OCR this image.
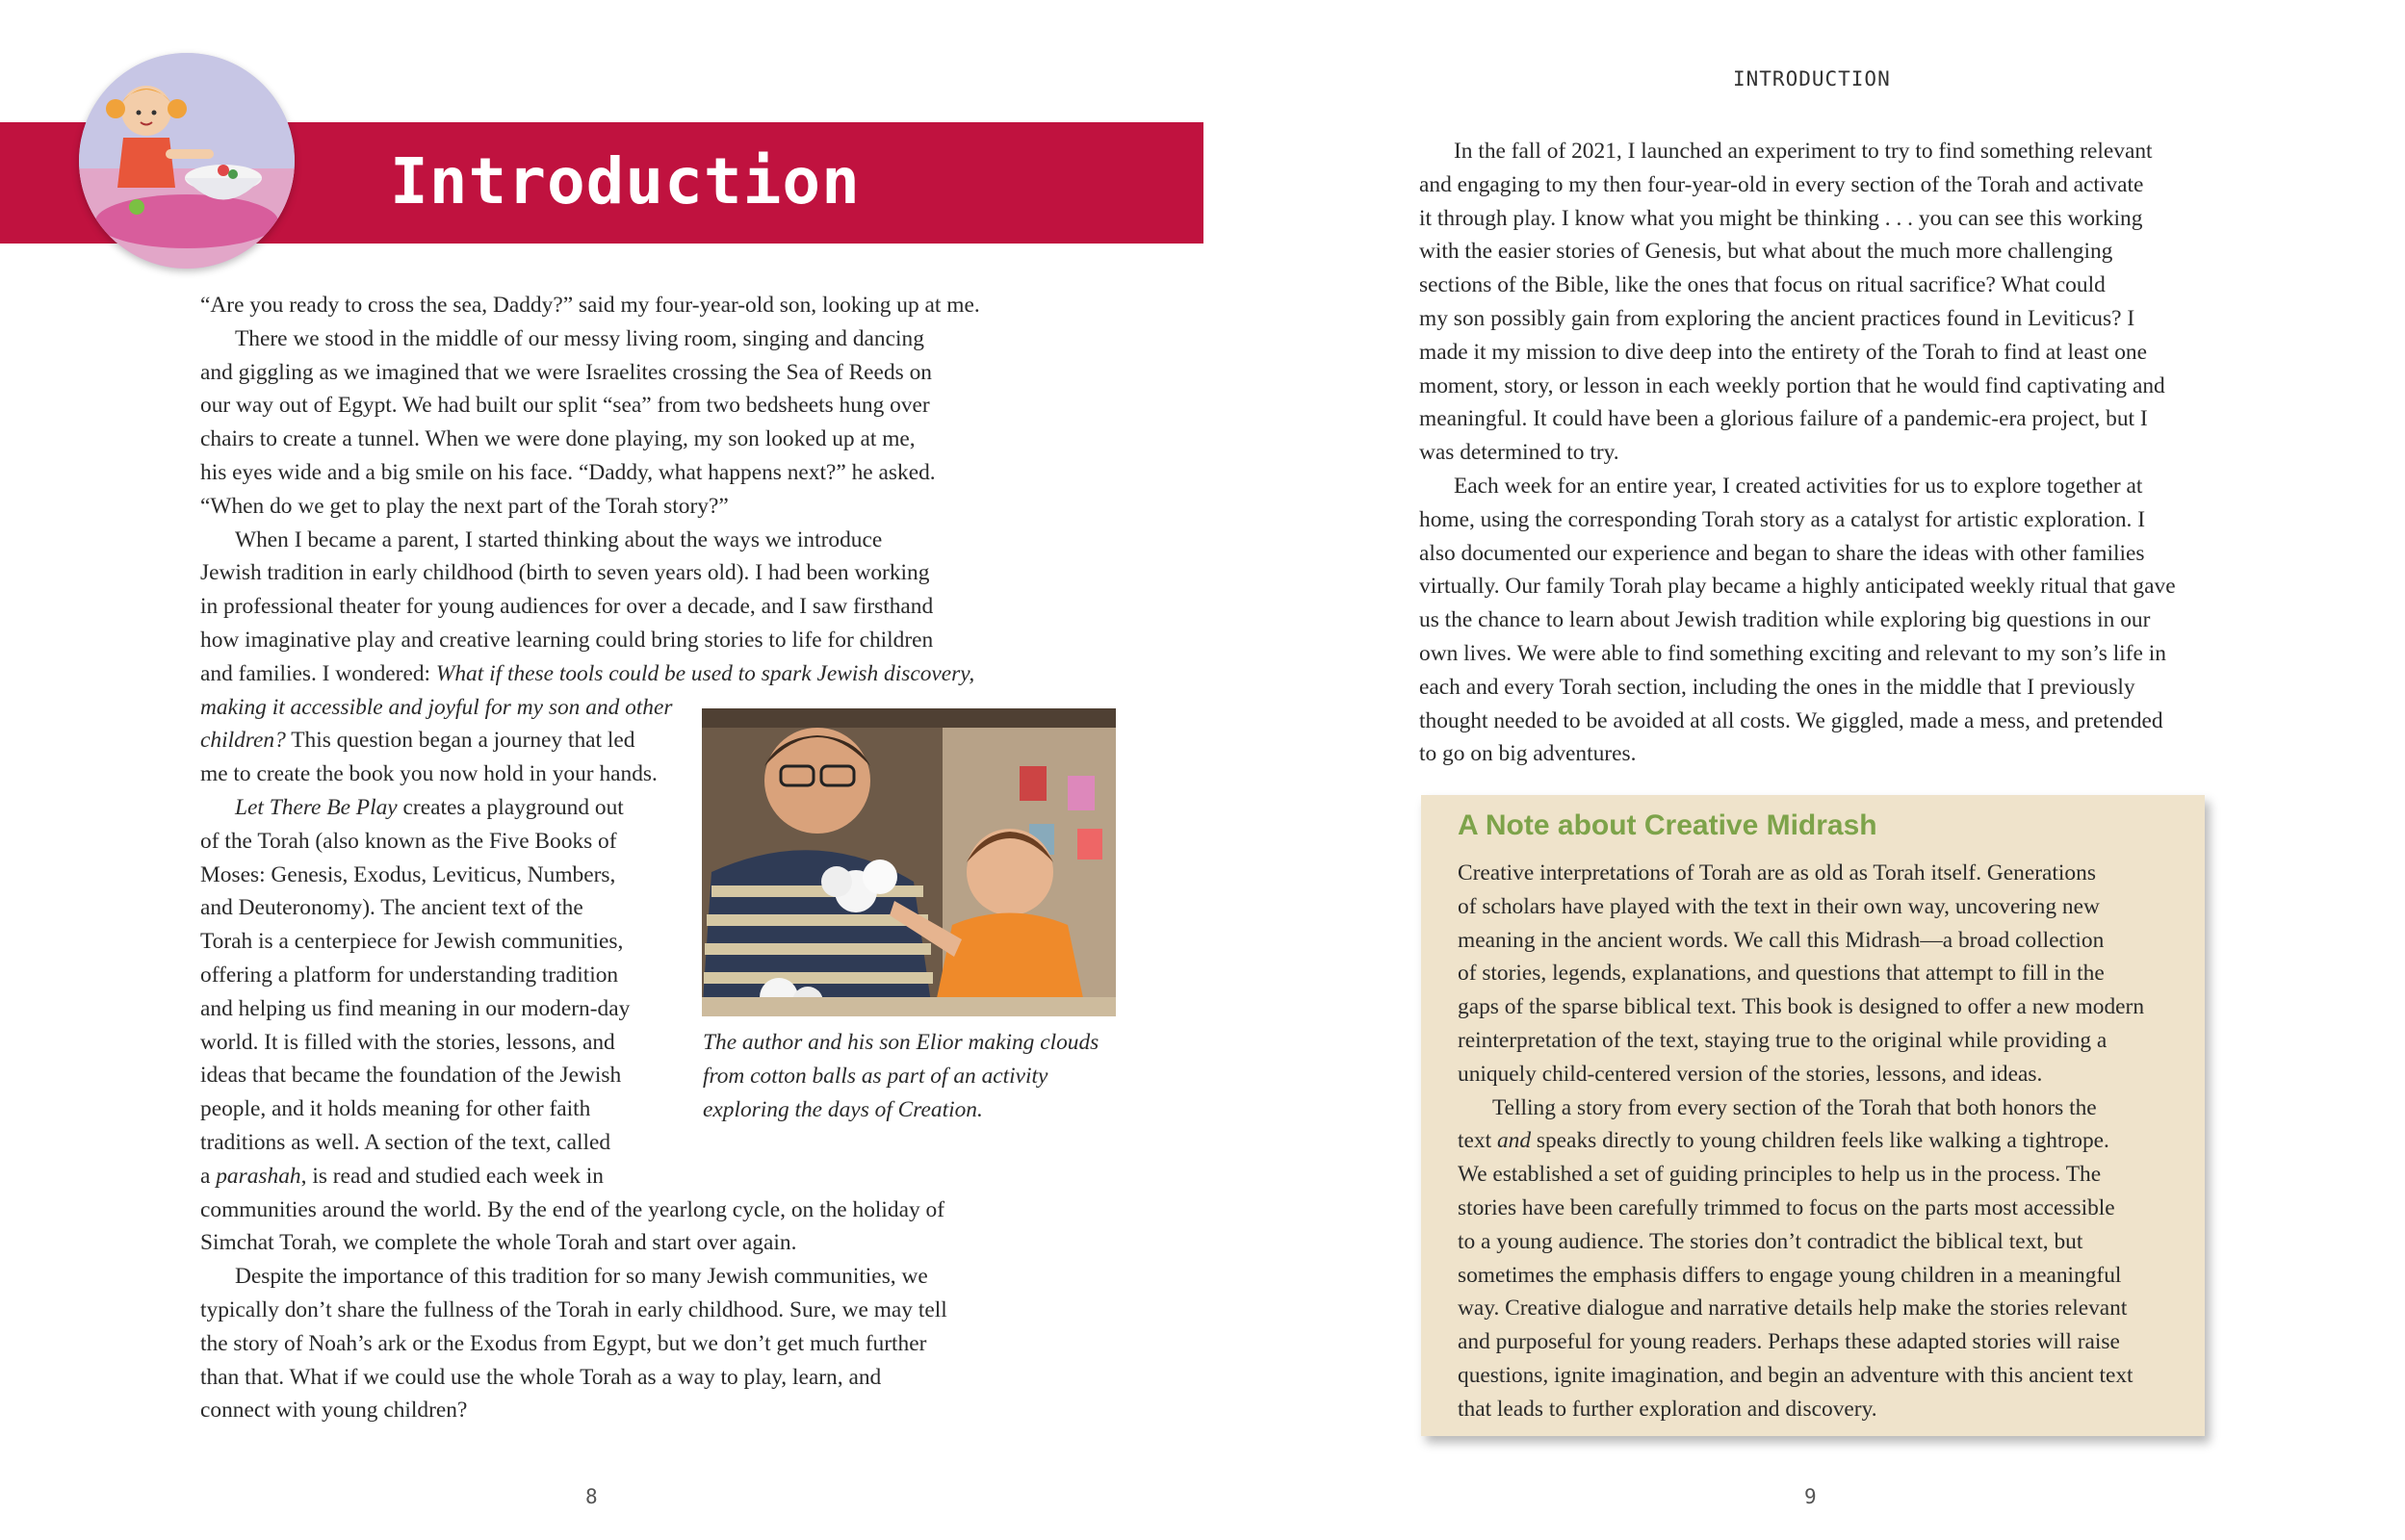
Introduction

“Are you ready to cross the sea, Daddy?” said my four-year-old son, looking up at me.

There we stood in the middle of our messy living room, singing and dancing
and giggling as we imagined that we were Israelites crossing the Sea of Reeds on
our way out of Egypt. We had built our split “sea” from two bedsheets hung over
chairs to create a tunnel. When we were done playing, my son looked up at me,
his eyes wide and a big smile on his face. “Daddy, what happens next?” he asked.
“When do we get to play the next part of the Torah story?”

When I became a parent, I started thinking about the ways we introduce
Jewish tradition in early childhood (birth to seven years old). I had been working
in professional theater for young audiences for over a decade, and I saw firsthand
how imaginative play and creative learning could bring stories to life for children
and families. I wondered: What if these tools could be used to spark Jewish discovery,
making it accessible and joyful for my son and other
children? This question began a journey that led
me to create the book you now hold in your hands.

Let There Be Play creates a playground out
of the Torah (also known as the Five Books of
Moses: Genesis, Exodus, Leviticus, Numbers,
and Deuteronomy). The ancient text of the
Torah is a centerpiece for Jewish communities,
offering a platform for understanding tradition
and helping us find meaning in our modern-day
world. It is filled with the stories, lessons, and
ideas that became the foundation of the Jewish
people, and it holds meaning for other faith
traditions as well. A section of the text, called
a parashah, is read and studied each week in
communities around the world. By the end of the yearlong cycle, on the holiday of
Simchat Torah, we complete the whole Torah and start over again.

Despite the importance of this tradition for so many Jewish communities, we
typically don’t share the fullness of the Torah in early childhood. Sure, we may tell
the story of Noah’s ark or the Exodus from Egypt, but we don’t get much further
than that. What if we could use the whole Torah as a way to play, learn, and
connect with young children?

The author and his son Elior making clouds
from cotton balls as part of an activity
exploring the days of Creation.
8
INTRODUCTION

In the fall of 2021, I launched an experiment to try to find something relevant
and engaging to my then four-year-old in every section of the Torah and activate
it through play. I know what you might be thinking . . . you can see this working
with the easier stories of Genesis, but what about the much more challenging
sections of the Bible, like the ones that focus on ritual sacrifice? What could
my son possibly gain from exploring the ancient practices found in Leviticus? I
made it my mission to dive deep into the entirety of the Torah to find at least one
moment, story, or lesson in each weekly portion that he would find captivating and
meaningful. It could have been a glorious failure of a pandemic-era project, but I
was determined to try.

Each week for an entire year, I created activities for us to explore together at
home, using the corresponding Torah story as a catalyst for artistic exploration. I
also documented our experience and began to share the ideas with other families
virtually. Our family Torah play became a highly anticipated weekly ritual that gave
us the chance to learn about Jewish tradition while exploring big questions in our
own lives. We were able to find something exciting and relevant to my son’s life in
each and every Torah section, including the ones in the middle that I previously
thought needed to be avoided at all costs. We giggled, made a mess, and pretended
to go on big adventures.

A Note about Creative Midrash

Creative interpretations of Torah are as old as Torah itself. Generations
of scholars have played with the text in their own way, uncovering new
meaning in the ancient words. We call this Midrash—a broad collection
of stories, legends, explanations, and questions that attempt to fill in the
gaps of the sparse biblical text. This book is designed to offer a new modern
reinterpretation of the text, staying true to the original while providing a
uniquely child-centered version of the stories, lessons, and ideas.

Telling a story from every section of the Torah that both honors the
text and speaks directly to young children feels like walking a tightrope.
We established a set of guiding principles to help us in the process. The
stories have been carefully trimmed to focus on the parts most accessible
to a young audience. The stories don’t contradict the biblical text, but
sometimes the emphasis differs to engage young children in a meaningful
way. Creative dialogue and narrative details help make the stories relevant
and purposeful for young readers. Perhaps these adapted stories will raise
questions, ignite imagination, and begin an adventure with this ancient text
that leads to further exploration and discovery.

9
